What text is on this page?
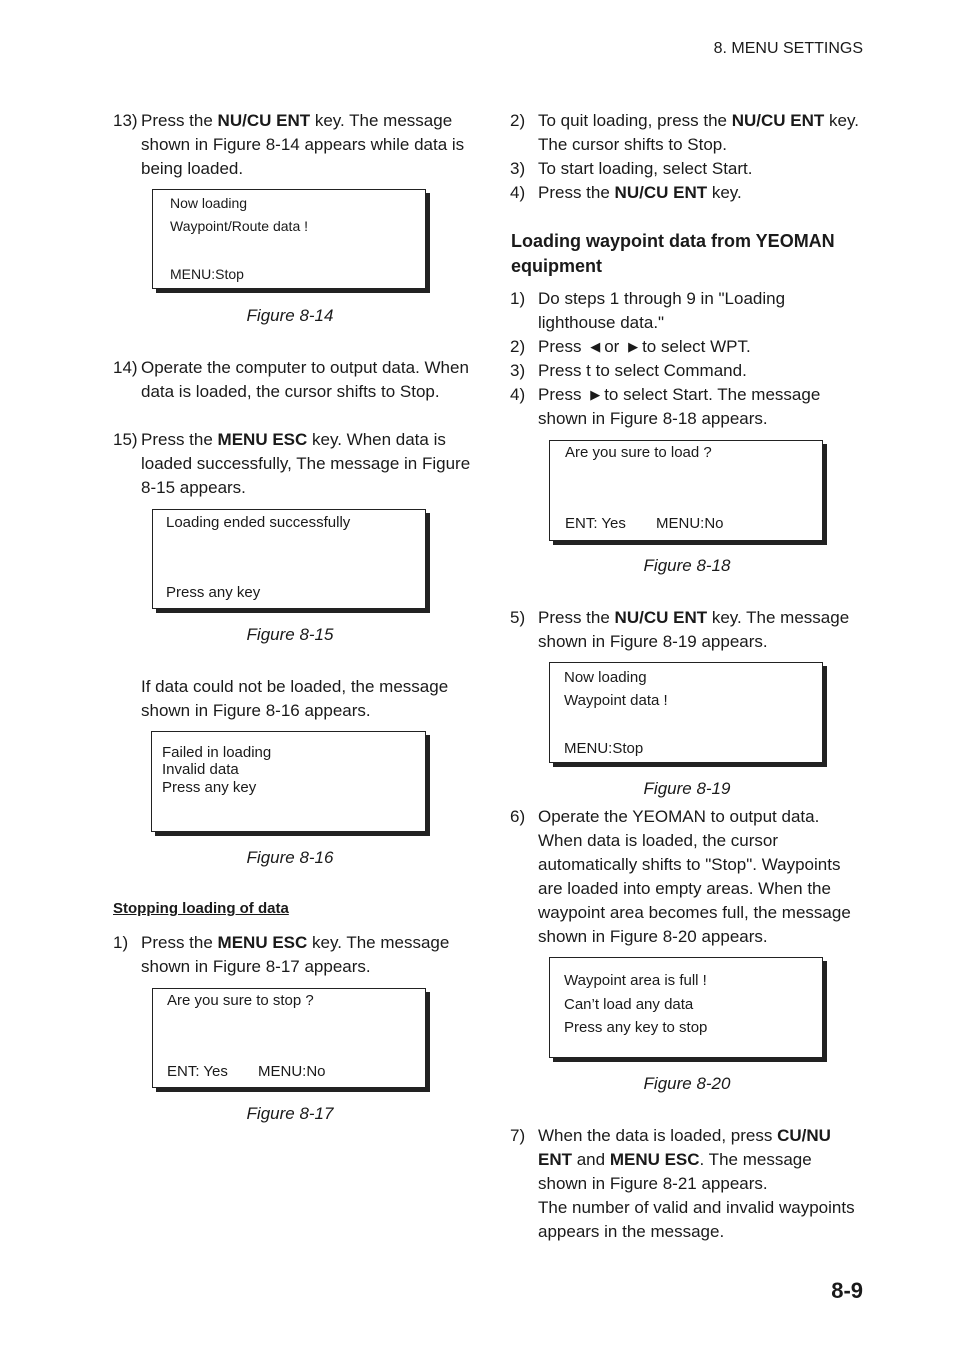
8. MENU SETTINGS
13) Press the NU/CU ENT key. The message shown in Figure 8-14 appears while data is being loaded.
Now loading
Waypoint/Route data !
MENU:Stop
Figure 8-14
14) Operate the computer to output data. When data is loaded, the cursor shifts to Stop.
15) Press the MENU ESC key. When data is loaded successfully, The message in Figure 8-15 appears.
Loading ended successfully
Press any key
Figure 8-15
If data could not be loaded, the message shown in Figure 8-16 appears.
Failed in loading
Invalid data
Press any key
Figure 8-16
Stopping loading of data
1) Press the MENU ESC key. The message shown in Figure 8-17 appears.
Are you sure to stop ?
ENT: Yes MENU:No
Figure 8-17
2) To quit loading, press the NU/CU ENT key. The cursor shifts to Stop.
3) To start loading, select Start.
4) Press the NU/CU ENT key.
Loading waypoint data from YEOMAN equipment
1) Do steps 1 through 9 in "Loading lighthouse data."
2) Press ◀ or ▶ to select WPT.
3) Press t to select Command.
4) Press ▶ to select Start. The message shown in Figure 8-18 appears.
Are you sure to load ?
ENT: Yes MENU:No
Figure 8-18
5) Press the NU/CU ENT key. The message shown in Figure 8-19 appears.
Now loading
Waypoint data !
MENU:Stop
Figure 8-19
6) Operate the YEOMAN to output data. When data is loaded, the cursor automatically shifts to "Stop". Waypoints are loaded into empty areas. When the waypoint area becomes full, the message shown in Figure 8-20 appears.
Waypoint area is full !
Can’t load any data
Press any key to stop
Figure 8-20
7) When the data is loaded, press CU/NU ENT and MENU ESC. The message shown in Figure 8-21 appears.
The number of valid and invalid waypoints appears in the message.
8-9
